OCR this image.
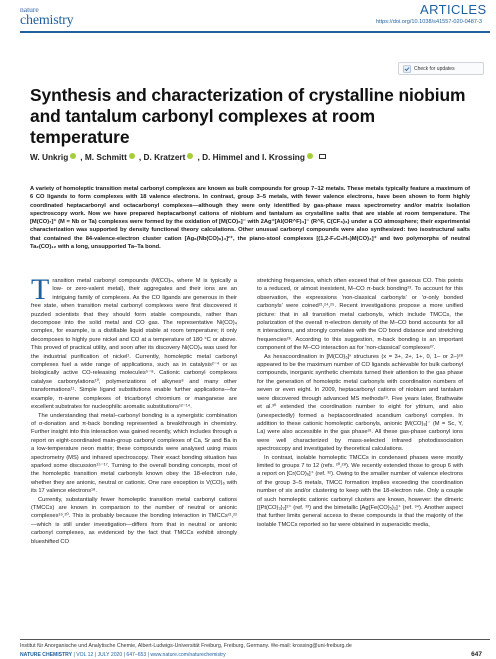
nature
chemistry
ARTICLES
https://doi.org/10.1038/s41557-020-0487-3
Check for updates
Synthesis and characterization of crystalline niobium and tantalum carbonyl complexes at room temperature
W. Unkrig , M. Schmitt , D. Kratzert , D. Himmel and I. Krossing
A variety of homoleptic transition metal carbonyl complexes are known as bulk compounds for group 7–12 metals. These metals typically feature a maximum of 6 CO ligands to form complexes with 18 valence electrons. In contrast, group 3–5 metals, with fewer valence electrons, have been shown to form highly coordinated heptacarbonyl and octacarbonyl complexes—although they were only identified by gas-phase mass spectrometry and/or matrix isolation spectroscopy work. Now we have prepared heptacarbonyl cations of niobium and tantalum as crystalline salts that are stable at room temperature. The [M(CO)₇]⁺ (M = Nb or Ta) complexes were formed by the oxidation of [M(CO)₆]⁻ with 2Ag⁺[Al(OR^F)₄]⁻ (R^F, C(CF₃)₃) under a CO atmosphere; their experimental characterization was supported by density functional theory calculations. Other unusual carbonyl compounds were also synthesized: two isostructural salts that contained the 84-valence-electron cluster cation [Ag₆(Nb(CO)₆)₄]²⁺, the piano-stool complexes [(1,2-F₂C₆H₄)M(CO)₄]⁺ and two polymorphs of neutral Ta₂(CO)₁₂ with a long, unsupported Ta–Ta bond.

Transition metal carbonyl compounds (M(CO)ₙ, where M is typically a low- or zero-valent metal), their aggregates and their ions are an intriguing family of complexes. As the CO ligands are generous in their free state, when transition metal carbonyl complexes were first discovered it puzzled scientists that they should form stable compounds, rather than decompose into the solid metal and CO gas. The representative Ni(CO)₄ complex, for example, is a distillable liquid stable at room temperature; it only decomposes to highly pure nickel and CO at a temperature of 180 °C or above. This proved of practical utility, and soon after its discovery Ni(CO)₄ was used for the industrial purification of nickel¹. Currently, homoleptic metal carbonyl complexes fuel a wide range of applications, such as in catalysis²⁻⁴ or as biologically active CO-releasing molecules⁵⁻⁸. Cationic carbonyl complexes catalyse carbonylations¹⁰, polymerizations of alkynes⁸ and many other transformations¹¹. Simple ligand substitutions enable further applications—for example, π-arene complexes of tricarbonyl chromium or manganese are excellent substrates for nucleophilic aromatic substitutions¹²⁻¹⁴.

The understanding that metal–carbonyl bonding is a synergistic combination of σ-donation and π-back bonding represented a breakthrough in chemistry. Further insight into this interaction was gained recently, which includes through a report on eight-coordinated main-group carbonyl complexes of Ca, Sr and Ba in a low-temperature neon matrix; these compounds were analysed using mass spectrometry (MS) and infrared spectroscopy. Their exact bonding situation has sparked some discussion¹⁵⁻¹⁷. Turning to the overall bonding concepts, most of the homoleptic transition metal carbonyls known obey the 18-electron rule, whether they are anionic, neutral or cationic. One rare exception is V(CO)₆ with its 17 valence electrons¹⁸.

Currently, substantially fewer homoleptic transition metal carbonyl cations (TMCCs) are known in comparison to the number of neutral or anionic complexes¹⁹,²⁰. This is probably because the bonding interaction in TMCCs²¹,²²—which is still under investigation—differs from that in neutral or anionic carbonyl complexes, as evidenced by the fact that TMCCs exhibit strongly blueshifted CO

stretching frequencies, which often exceed that of free gaseous CO. This points to a reduced, or almost inexistent, M–CO π-back bonding²³. To account for this observation, the expressions 'non-classical carbonyls' or 'σ-only bonded carbonyls' were coined²¹,²⁴,²⁵. Recent investigations propose a more unified picture: that in all transition metal carbonyls, which include TMCCs, the polarization of the overall π-electron density of the M–CO bond accounts for all π interactions, and strongly correlates with the CO bond distance and stretching frequencies²⁶. According to this suggestion, π-back bonding is an important component of the M–CO interaction as for 'non-classical' complexes²⁷.

As hexacoordination in [M(CO)₆]ˣ structures (x = 3+, 2+, 1+, 0, 1– or 2–)²⁸ appeared to be the maximum number of CO ligands achievable for bulk carbonyl compounds, inorganic synthetic chemists turned their attention to the gas phase for the generation of homoleptic metal carbonyls with coordination numbers of seven or even eight. In 2009, heptacarbonyl cations of niobium and tantalum were discovered through advanced MS methods²⁹. Five years later, Brathwaite et al.³⁰ extended the coordination number to eight for yttrium, and also (unexpectedly) formed a heptacoordinated scandium carbonyl complex. In addition to these cationic homoleptic carbonyls, anionic [M(CO)₈]⁻ (M = Sc, Y, La) were also accessible in the gas phase³¹. All these gas-phase carbonyl ions were well characterized by mass-selected infrared photodissociation spectroscopy and investigated by theoretical calculations.

In contrast, isolable homoleptic TMCCs in condensed phases were mostly limited to groups 7 to 12 (refs. ²⁰,²⁸). We recently extended those to group 6 with a report on [Cr(CO)₆]⁺ (ref. ³²). Owing to the smaller number of valence electrons of the group 3–5 metals, TMCC formation implies exceeding the coordination number of six and/or clustering to keep with the 18-electron rule. Only a couple of such homoleptic cationic carbonyl clusters are known, however: the dimeric [{Pt(CO)₃}₂]²⁺ (ref. ³³) and the bimetallic [Ag{Fe(CO)₅}₂]⁺ (ref. ³⁴). Another aspect that further limits general access to these compounds is that the majority of the isolable TMCCs reported so far were obtained in superacidic media,

Institut für Anorganische und Analytische Chemie, Albert-Ludwigs-Universität Freiburg, Freiburg, Germany. ✉e-mail: krossing@uni-freiburg.de
NATURE CHEMISTRY | VOL 12 | JULY 2020 | 647–653 | www.nature.com/naturechemistry	647
